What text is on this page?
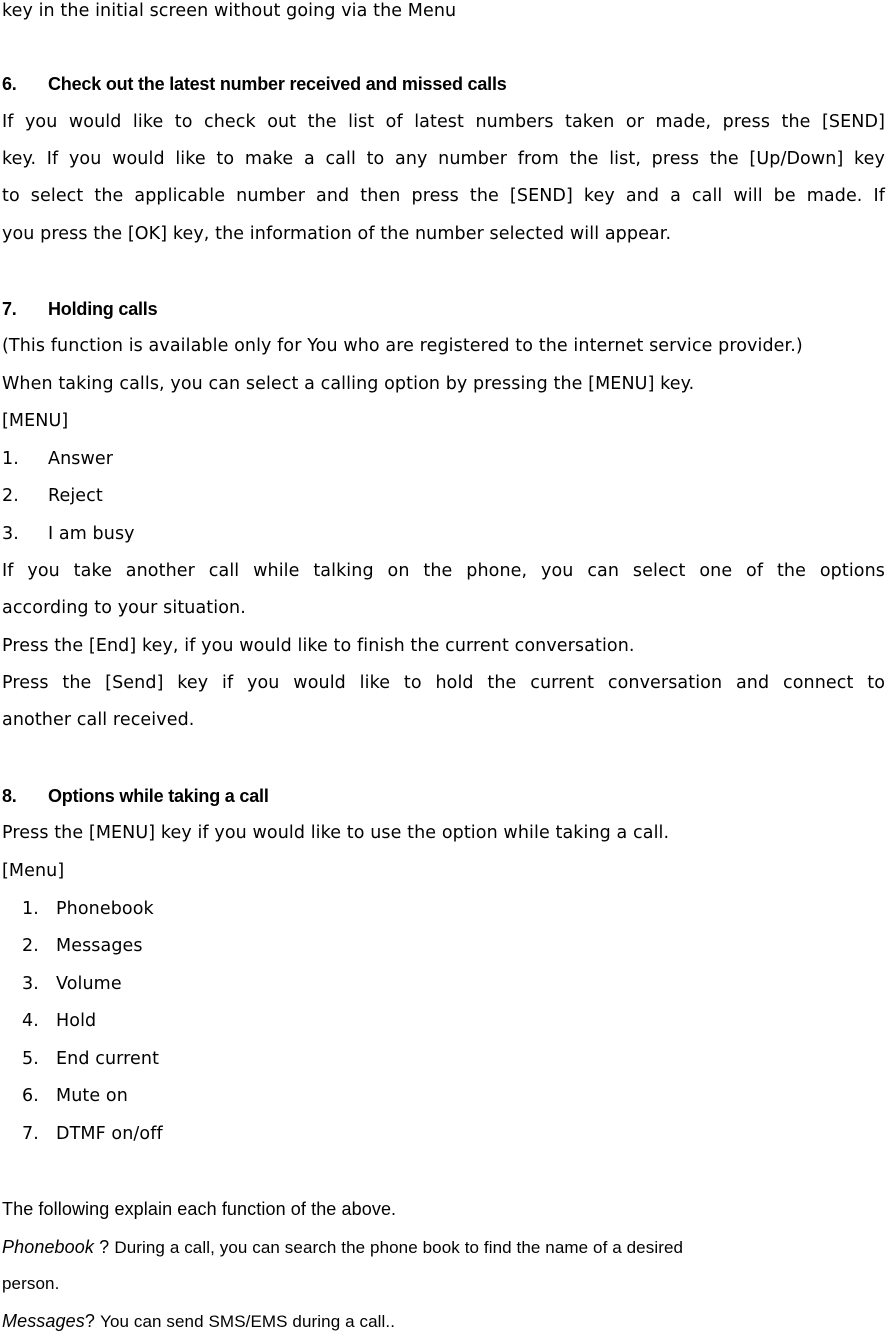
key in the initial screen without going via the Menu
6. Check out the latest number received and missed calls
If you would like to check out the list of latest numbers taken or made, press the [SEND]
key. If you would like to make a call to any number from the list, press the [Up/Down] key
to select the applicable number and then press the [SEND] key and a call will be made. If
you press the [OK] key, the information of the number selected will appear.
7. Holding calls
(This function is available only for You who are registered to the internet service provider.)
When taking calls, you can select a calling option by pressing the [MENU] key.
[MENU]
1. Answer
2. Reject
3. I am busy
If you take another call while talking on the phone, you can select one of the options
according to your situation.
Press the [End] key, if you would like to finish the current conversation.
Press the [Send] key if you would like to hold the current conversation and connect to
another call received.
8. Options while taking a call
Press the [MENU] key if you would like to use the option while taking a call.
[Menu]
1. Phonebook
2. Messages
3. Volume
4. Hold
5. End current
6. Mute on
7. DTMF on/off
The following explain each function of the above.
Phonebook ? During a call, you can search the phone book to find the name of a desired
person.
Messages? You can send SMS/EMS during a call..
